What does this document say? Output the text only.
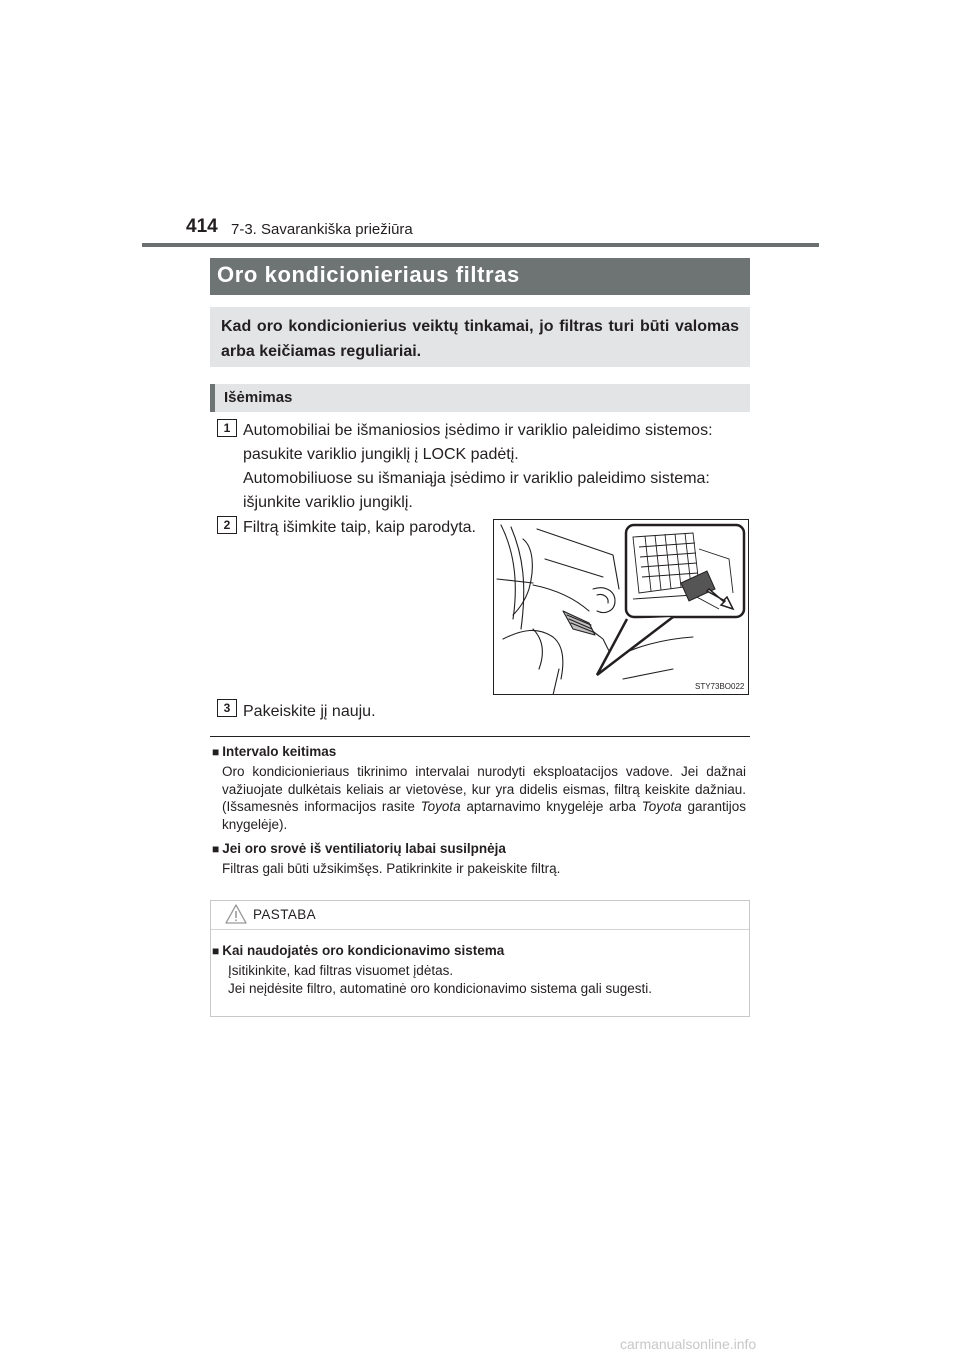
414 7-3. Savarankiška priežiūra
Oro kondicionieriaus filtras
Kad oro kondicionierius veiktų tinkamai, jo filtras turi būti valomas arba keičiamas reguliariai.
Išėmimas
1 Automobiliai be išmaniosios įsėdimo ir variklio paleidimo sistemos: pasukite variklio jungiklį į LOCK padėtį.
Automobiliuose su išmaniąja įsėdimo ir variklio paleidimo sistema: išjunkite variklio jungiklį.
2 Filtrą išimkite taip, kaip parodyta.
STY73BO022
3 Pakeiskite jį nauju.
■ Intervalo keitimas
Oro kondicionieriaus tikrinimo intervalai nurodyti eksploatacijos vadove. Jei dažnai važiuojate dulkėtais keliais ar vietovėse, kur yra didelis eismas, filtrą keiskite dažniau. (Išsamesnės informacijos rasite Toyota aptarnavimo knygelėje arba Toyota garantijos knygelėje).
■ Jei oro srovė iš ventiliatorių labai susilpnėja
Filtras gali būti užsikimšęs. Patikrinkite ir pakeiskite filtrą.
PASTABA
■ Kai naudojatės oro kondicionavimo sistema
Įsitikinkite, kad filtras visuomet įdėtas.
Jei neįdėsite filtro, automatinė oro kondicionavimo sistema gali sugesti.
carmanualsonline.info
